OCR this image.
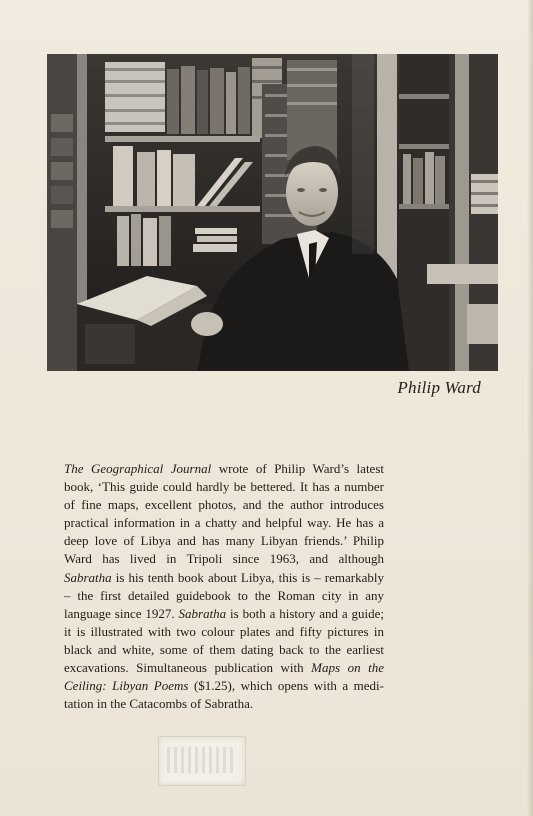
Philip Ward
The Geographical Journal wrote of Philip Ward’s latest
book, ‘This guide could hardly be bettered. It has a number
of fine maps, excellent photos, and the author introduces
practical information in a chatty and helpful way. He has a
deep love of Libya and has many Libyan friends.’ Philip
Ward has lived in Tripoli since 1963, and although
Sabratha is his tenth book about Libya, this is – remarkably
– the first detailed guidebook to the Roman city in any
language since 1927. Sabratha is both a history and a guide;
it is illustrated with two colour plates and fifty pictures in
black and white, some of them dating back to the earliest
excavations. Simultaneous publication with Maps on the
Ceiling: Libyan Poems ($1.25), which opens with a medi-
tation in the Catacombs of Sabratha.
